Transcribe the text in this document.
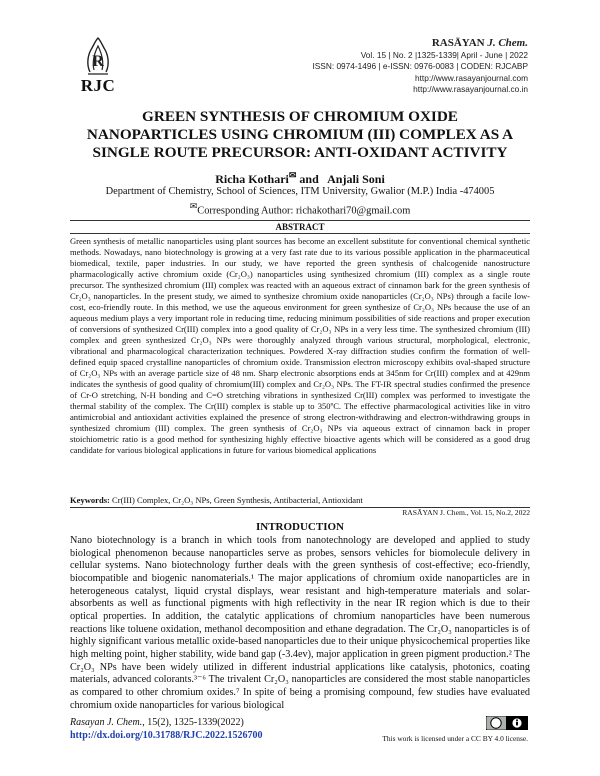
R
RJC
RASĀYAN J. Chem.
Vol. 15 | No. 2 |1325-1339| April - June | 2022
ISSN: 0974-1496 | e-ISSN: 0976-0083 | CODEN: RJCABP
http://www.rasayanjournal.com
http://www.rasayanjournal.co.in
GREEN SYNTHESIS OF CHROMIUM OXIDE
NANOPARTICLES USING CHROMIUM (III) COMPLEX AS A
SINGLE ROUTE PRECURSOR: ANTI-OXIDANT ACTIVITY
Richa Kothari✉ and Anjali Soni
Department of Chemistry, School of Sciences, ITM University, Gwalior (M.P.) India -474005
✉Corresponding Author: richakothari70@gmail.com
ABSTRACT
Green synthesis of metallic nanoparticles using plant sources has become an excellent substitute for conventional chemical synthetic methods. Nowadays, nano biotechnology is growing at a very fast rate due to its various possible application in the pharmaceutical biomedical, textile, paper industries. In our study, we have reported the green synthesis of chalcogenide nanostructure pharmacologically active chromium oxide (Cr₂O₃) nanoparticles using synthesized chromium (III) complex as a single route precursor. The synthesized chromium (III) complex was reacted with an aqueous extract of cinnamon bark for the green synthesis of Cr₂O₃ nanoparticles. In the present study, we aimed to synthesize chromium oxide nanoparticles (Cr₂O₃ NPs) through a facile low-cost, eco-friendly route. In this method, we use the aqueous environment for green synthesize of Cr₂O₃ NPs because the use of an aqueous medium plays a very important role in reducing time, reducing minimum possibilities of side reactions and proper execution of conversions of synthesized Cr(III) complex into a good quality of Cr₂O₃ NPs in a very less time. The synthesized chromium (III) complex and green synthesized Cr₂O₃ NPs were thoroughly analyzed through various structural, morphological, electronic, vibrational and pharmacological characterization techniques. Powdered X-ray diffraction studies confirm the formation of well-defined equip spaced crystalline nanoparticles of chromium oxide. Transmission electron microscopy exhibits oval-shaped structure of Cr₂O₃ NPs with an average particle size of 48 nm. Sharp electronic absorptions ends at 345nm for Cr(III) complex and at 429nm indicates the synthesis of good quality of chromium(III) complex and Cr₂O₃ NPs. The FT-IR spectral studies confirmed the presence of Cr-O stretching, N-H bonding and C=O stretching vibrations in synthesized Cr(III) complex was performed to investigate the thermal stability of the complex. The Cr(III) complex is stable up to 350ºC. The effective pharmacological activities like in vitro antimicrobial and antioxidant activities explained the presence of strong electron-withdrawing and electron-withdrawing groups in synthesized chromium (III) complex. The green synthesis of Cr₂O₃ NPs via aqueous extract of cinnamon back in proper stoichiometric ratio is a good method for synthesizing highly effective bioactive agents which will be considered as a good drug candidate for various biological applications in future for various biomedical applications
Keywords: Cr(III) Complex, Cr₂O₃ NPs, Green Synthesis, Antibacterial, Antioxidant
RASĀYAN J. Chem., Vol. 15, No.2, 2022
INTRODUCTION
Nano biotechnology is a branch in which tools from nanotechnology are developed and applied to study biological phenomenon because nanoparticles serve as probes, sensors vehicles for biomolecule delivery in cellular systems. Nano biotechnology further deals with the green synthesis of cost-effective; eco-friendly, biocompatible and biogenic nanomaterials.¹ The major applications of chromium oxide nanoparticles are in heterogeneous catalyst, liquid crystal displays, wear resistant and high-temperature materials and solar-absorbents as well as functional pigments with high reflectivity in the near IR region which is due to their optical properties. In addition, the catalytic applications of chromium nanoparticles have been numerous reactions like toluene oxidation, methanol decomposition and ethane degradation. The Cr₂O₃ nanoparticles is of highly significant various metallic oxide-based nanoparticles due to their unique physicochemical properties like high melting point, higher stability, wide band gap (-3.4ev), major application in green pigment production.² The Cr₂O₃ NPs have been widely utilized in different industrial applications like catalysis, photonics, coating materials, advanced colorants.³⁻⁶ The trivalent Cr₂O₃ nanoparticles are considered the most stable nanoparticles as compared to other chromium oxides.⁷ In spite of being a promising compound, few studies have evaluated chromium oxide nanoparticles for various biological
Rasayan J. Chem., 15(2), 1325-1339(2022)
http://dx.doi.org/10.31788/RJC.2022.1526700	This work is licensed under a CC BY 4.0 license.
